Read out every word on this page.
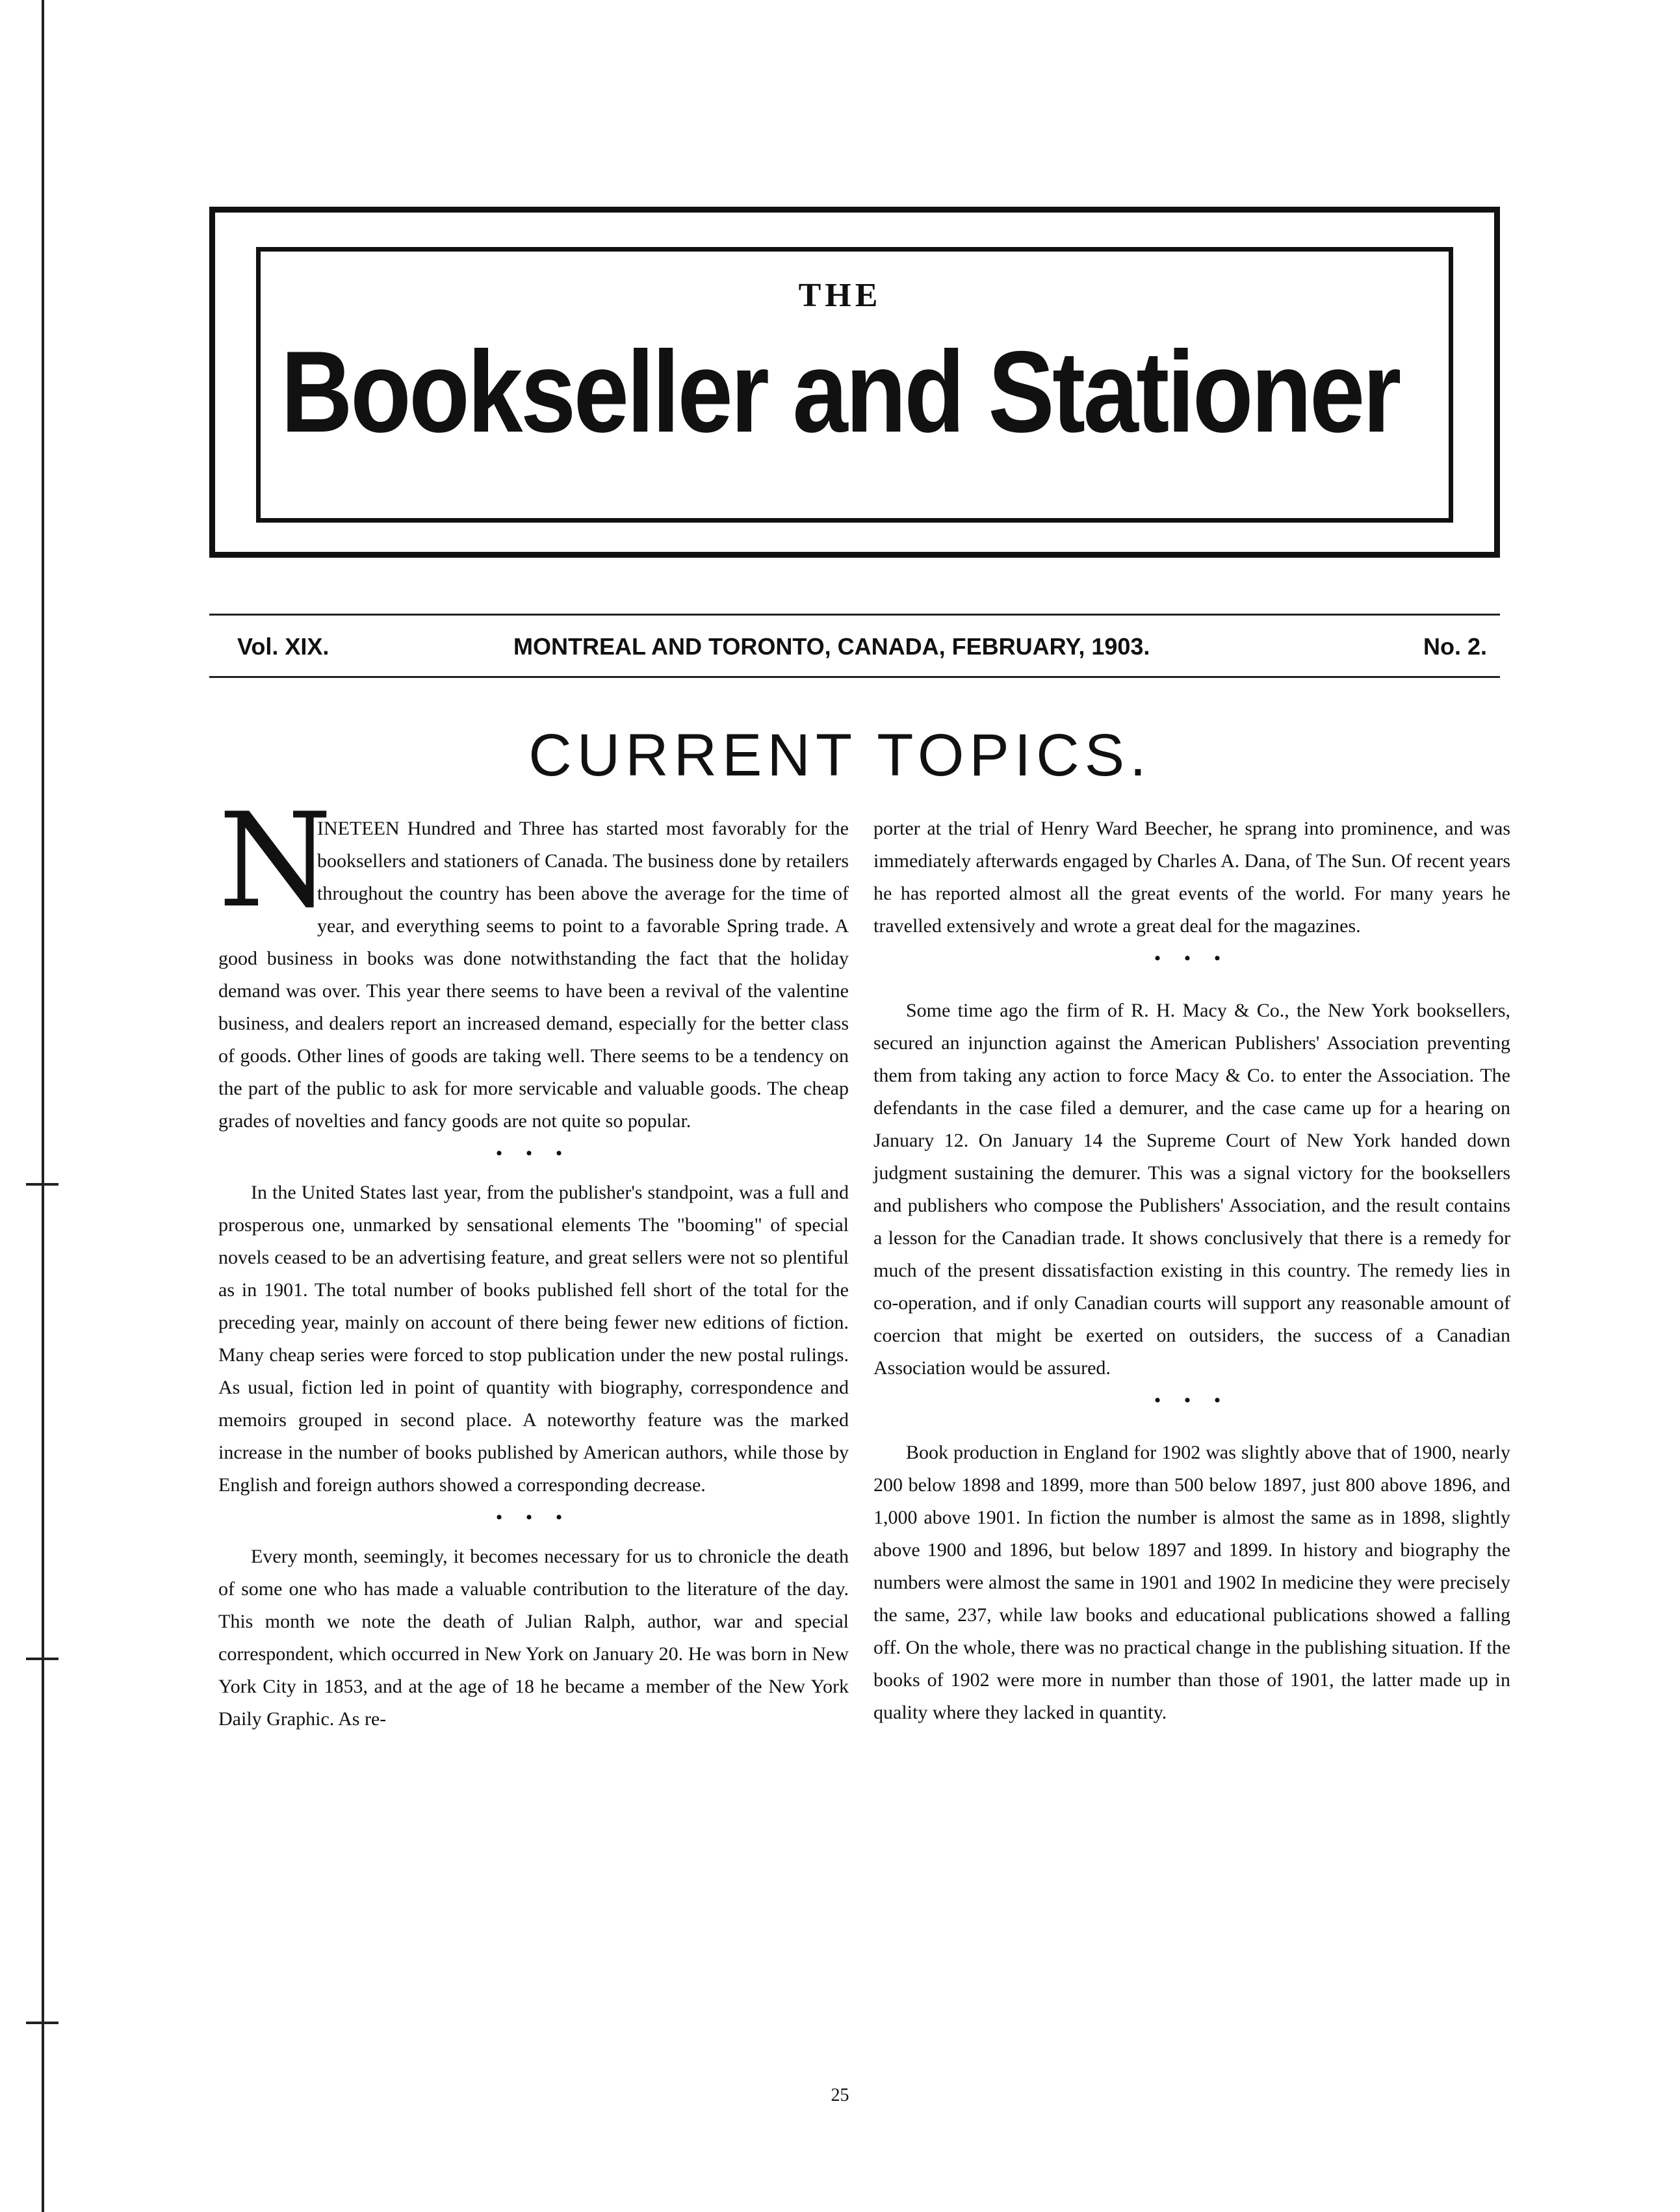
THE
Bookseller and Stationer
Vol. XIX.	MONTREAL AND TORONTO, CANADA, FEBRUARY, 1903.	No. 2.
CURRENT TOPICS.

N
INETEEN Hundred and Three has started most favorably for the booksellers and stationers of Canada. The business done by retailers throughout the country has been above the average for the time of year, and everything seems to point to a favorable Spring trade. A good business in books was done notwithstanding the fact that the holiday demand was over. This year there seems to have been a revival of the valentine business, and dealers report an increased demand, especially for the better class of goods. Other lines of goods are taking well. There seems to be a tendency on the part of the public to ask for more servicable and valuable goods. The cheap grades of novelties and fancy goods are not quite so popular.

• • •

In the United States last year, from the publisher's standpoint, was a full and prosperous one, unmarked by sensational elements The "booming" of special novels ceased to be an advertising feature, and great sellers were not so plentiful as in 1901. The total number of books published fell short of the total for the preceding year, mainly on account of there being fewer new editions of fiction. Many cheap series were forced to stop publication under the new postal rulings. As usual, fiction led in point of quantity with biography, correspondence and memoirs grouped in second place. A noteworthy feature was the marked increase in the number of books published by American authors, while those by English and foreign authors showed a corresponding decrease.

• • •

Every month, seemingly, it becomes necessary for us to chronicle the death of some one who has made a valuable contribution to the literature of the day. This month we note the death of Julian Ralph, author, war and special correspondent, which occurred in New York on January 20. He was born in New York City in 1853, and at the age of 18 he became a member of the New York Daily Graphic. As re-

porter at the trial of Henry Ward Beecher, he sprang into prominence, and was immediately afterwards engaged by Charles A. Dana, of The Sun. Of recent years he has reported almost all the great events of the world. For many years he travelled extensively and wrote a great deal for the magazines.

• • •

Some time ago the firm of R. H. Macy & Co., the New York booksellers, secured an injunction against the American Publishers' Association preventing them from taking any action to force Macy & Co. to enter the Association. The defendants in the case filed a demurer, and the case came up for a hearing on January 12. On January 14 the Supreme Court of New York handed down judgment sustaining the demurer. This was a signal victory for the booksellers and publishers who compose the Publishers' Association, and the result contains a lesson for the Canadian trade. It shows conclusively that there is a remedy for much of the present dissatisfaction existing in this country. The remedy lies in co-operation, and if only Canadian courts will support any reasonable amount of coercion that might be exerted on outsiders, the success of a Canadian Association would be assured.

• • •

Book production in England for 1902 was slightly above that of 1900, nearly 200 below 1898 and 1899, more than 500 below 1897, just 800 above 1896, and 1,000 above 1901. In fiction the number is almost the same as in 1898, slightly above 1900 and 1896, but below 1897 and 1899. In history and biography the numbers were almost the same in 1901 and 1902 In medicine they were precisely the same, 237, while law books and educational publications showed a falling off. On the whole, there was no practical change in the publishing situation. If the books of 1902 were more in number than those of 1901, the latter made up in quality where they lacked in quantity.

25
